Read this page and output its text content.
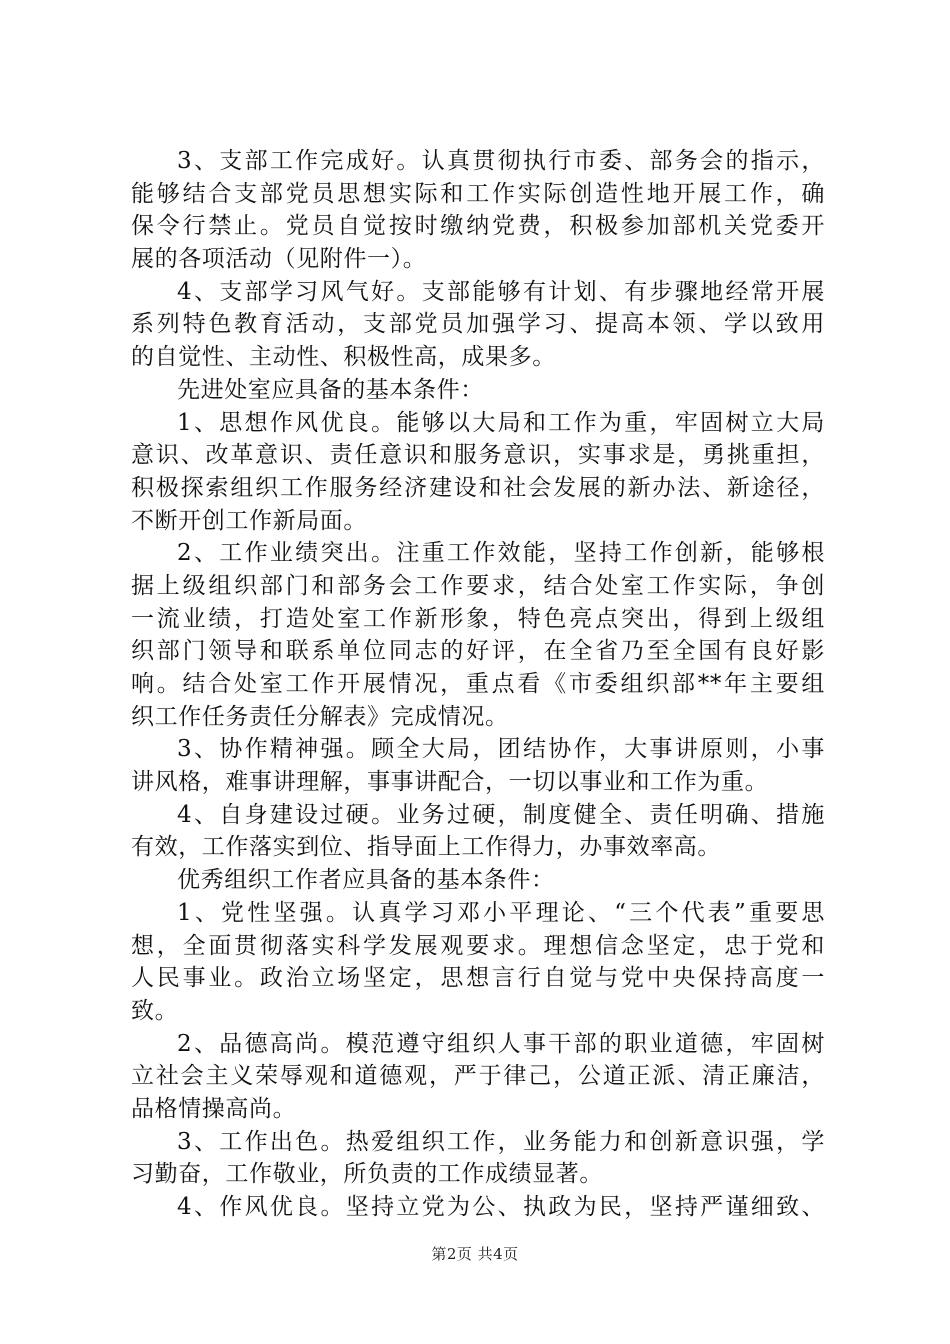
3、支部工作完成好。认真贯彻执行市委、部务会的指示，
能够结合支部党员思想实际和工作实际创造性地开展工作，确
保令行禁止。党员自觉按时缴纳党费，积极参加部机关党委开
展的各项活动（见附件一）。
4、支部学习风气好。支部能够有计划、有步骤地经常开展
系列特色教育活动，支部党员加强学习、提高本领、学以致用
的自觉性、主动性、积极性高，成果多。
先进处室应具备的基本条件：
1、思想作风优良。能够以大局和工作为重，牢固树立大局
意识、改革意识、责任意识和服务意识，实事求是，勇挑重担，
积极探索组织工作服务经济建设和社会发展的新办法、新途径，
不断开创工作新局面。
2、工作业绩突出。注重工作效能，坚持工作创新，能够根
据上级组织部门和部务会工作要求，结合处室工作实际，争创
一流业绩，打造处室工作新形象，特色亮点突出，得到上级组
织部门领导和联系单位同志的好评，在全省乃至全国有良好影
响。结合处室工作开展情况，重点看《市委组织部**年主要组
织工作任务责任分解表》完成情况。
3、协作精神强。顾全大局，团结协作，大事讲原则，小事
讲风格，难事讲理解，事事讲配合，一切以事业和工作为重。
4、自身建设过硬。业务过硬，制度健全、责任明确、措施
有效，工作落实到位、指导面上工作得力，办事效率高。
优秀组织工作者应具备的基本条件：
1、党性坚强。认真学习邓小平理论、“三个代表”重要思
想，全面贯彻落实科学发展观要求。理想信念坚定，忠于党和
人民事业。政治立场坚定，思想言行自觉与党中央保持高度一
致。
2、品德高尚。模范遵守组织人事干部的职业道德，牢固树
立社会主义荣辱观和道德观，严于律己，公道正派、清正廉洁，
品格情操高尚。
3、工作出色。热爱组织工作，业务能力和创新意识强，学
习勤奋，工作敬业，所负责的工作成绩显著。
4、作风优良。坚持立党为公、执政为民，坚持严谨细致、
第2页 共4页
